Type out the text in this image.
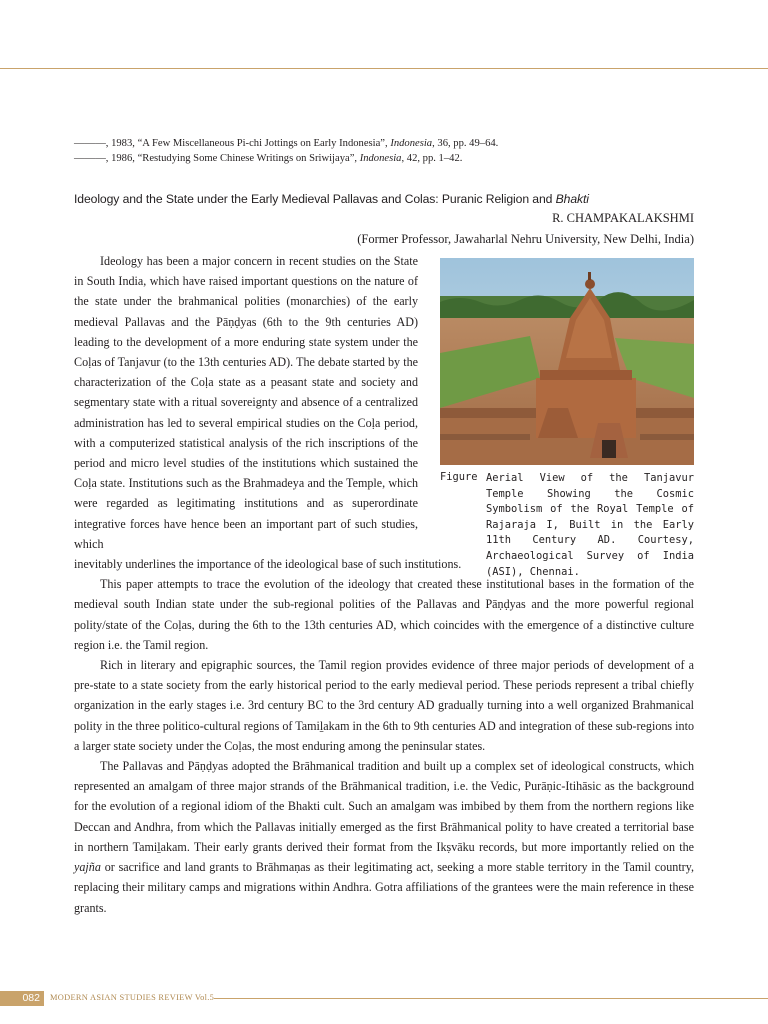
———, 1983, “A Few Miscellaneous Pi-chi Jottings on Early Indonesia”, Indonesia, 36, pp. 49–64.
———, 1986, “Restudying Some Chinese Writings on Sriwijaya”, Indonesia, 42, pp. 1–42.
Ideology and the State under the Early Medieval Pallavas and Colas: Puranic Religion and Bhakti
R. CHAMPAKALAKSHMI
(Former Professor, Jawaharlal Nehru University, New Delhi, India)

Ideology has been a major concern in recent studies on the State in South India, which have raised important questions on the nature of the state under the brahmanical polities (monarchies) of the early medieval Pallavas and the Pāṇḍyas (6th to the 9th centuries AD) leading to the development of a more enduring state system under the Coḷas of Tanjavur (to the 13th centuries AD). The debate started by the characterization of the Coḷa state as a peasant state and society and segmentary state with a ritual sovereignty and absence of a centralized administration has led to several empirical studies on the Coḷa period, with a computerized statistical analysis of the rich inscriptions of the period and micro level studies of the institutions which sustained the Coḷa state. Institutions such as the Brahmadeya and the Temple, which were regarded as legitimating institutions and as superordinate integrative forces have hence been an important part of such studies, which

inevitably underlines the importance of the ideological base of such institutions.

This paper attempts to trace the evolution of the ideology that created these institutional bases in the formation of the medieval south Indian state under the sub-regional polities of the Pallavas and Pāṇḍyas and the more powerful regional polity/state of the Coḷas, during the 6th to the 13th centuries AD, which coincides with the emergence of a distinctive culture region i.e. the Tamil region.

Rich in literary and epigraphic sources, the Tamil region provides evidence of three major periods of development of a pre-state to a state society from the early historical period to the early medieval period. These periods represent a tribal chiefly organization in the early stages i.e. 3rd century BC to the 3rd century AD gradually turning into a well organized Brahmanical polity in the three politico-cultural regions of Tamiḻakam in the 6th to 9th centuries AD and integration of these sub-regions into a larger state society under the Coḷas, the most enduring among the peninsular states.

The Pallavas and Pāṇḍyas adopted the Brāhmanical tradition and built up a complex set of ideological constructs, which represented an amalgam of three major strands of the Brāhmanical tradition, i.e. the Vedic, Purāṇic-Itihāsic as the background for the evolution of a regional idiom of the Bhakti cult. Such an amalgam was imbibed by them from the northern regions like Deccan and Andhra, from which the Pallavas initially emerged as the first Brāhmanical polity to have created a territorial base in northern Tamiḻakam. Their early grants derived their format from the Ikṣvāku records, but more importantly relied on the yajña or sacrifice and land grants to Brāhmaṇas as their legitimating act, seeking a more stable territory in the Tamil country, replacing their military camps and migrations within Andhra. Gotra affiliations of the grantees were the main reference in these grants.

Figure Aerial View of the Tanjavur Temple Showing the Cosmic Symbolism of the Royal Temple of Rajaraja I, Built in the Early 11th Century AD. Courtesy, Archaeological Survey of India (ASI), Chennai.
082	MODERN ASIAN STUDIES REVIEW Vol.5
